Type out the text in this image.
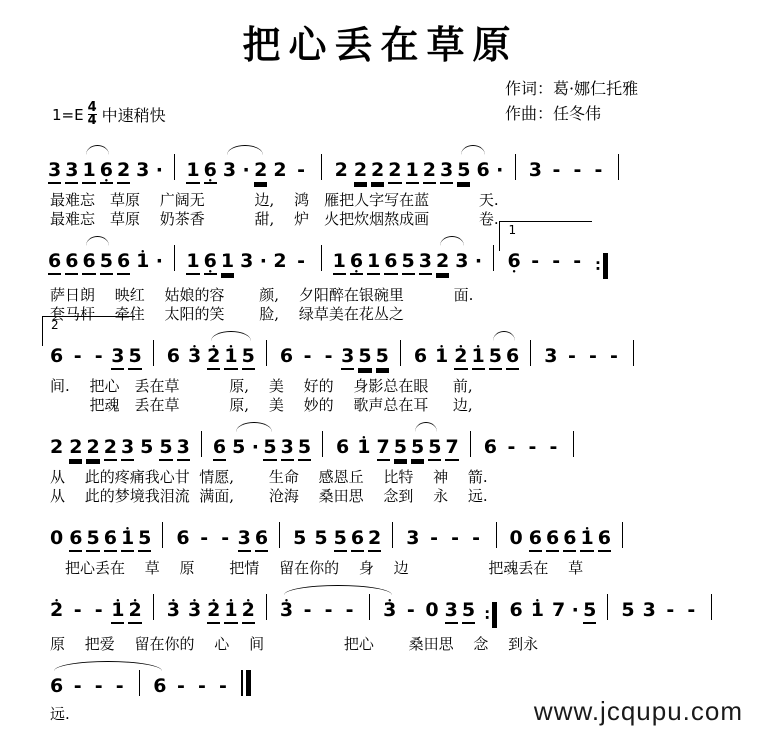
把心丢在草原
作词：葛·娜仁托雅
作曲：任冬伟
$1=E \frac{4}{4}$ 中速稍快
3 3 1 6 • 2 3 · 1 6 • 3 · 2 2 - 2 2 2 2 1 2 3 5 6 · 3 - - -
最难忘　草原　 广阔无　　　 边,　 鸿　雁把人字写在蓝　　　 天.
最难忘　草原　 奶茶香　　　 甜,　 炉　火把炊烟熬成画　　　 卷.
6 6 6 5 6 • 1 · 1 6 • 1 3 · 2 - 1 6 • 1 6 5 3 2 3 · 6 • - - - ∶
萨日朗　 映红　 姑娘的容　　 颜,　 夕阳醉在银碗里　　　 面.
套马杆　 牵住　 太阳的笑　　 脸,　 绿草美在花丛之
6 - - 3 5 6 • 3 • 2 • 1 5 6 - - 3 5 5 6 • 1 • 2 • 1 5 6 3 - - -
间.　 把心　丢在草　　　 原,　 美　 好的　 身影总在眼　  前,
　　  把魂　丢在草　　　 原,　 美　 妙的　 歌声总在耳　  边,
2 2 2 2 3 5 5 3 6 5 · 5 3 5 6 • 1 7 5 5 5 7 6 - - -
从　 此的疼痛我心甘  情愿,　　 生命　 感恩丘　 比特　 神　 箭.
从　 此的梦境我泪流  满面,　　 沧海　 桑田思　 念到　 永　 远.
0 6 5 6 • 1 5 6 - - 3 6 5 5 5 6 2 3 - - - 0 6 6 6 • 1 6
　把心丢在　 草　 原　　 把情　 留在你的　 身　 边　　　　　 把魂丢在　 草
• 2 - - • 1 • 2 • 3 • 3 • 2 • 1 • 2 • 3 - - - • 3 - 0 3 5 ∶ 6 • 1 7 · 5 5 3 - -
原　 把爱　 留在你的　 心　 间　　　　　 把心　　 桑田思　 念　 到永
6 - - - 6 - - -
远.	www.jcqupu.com
